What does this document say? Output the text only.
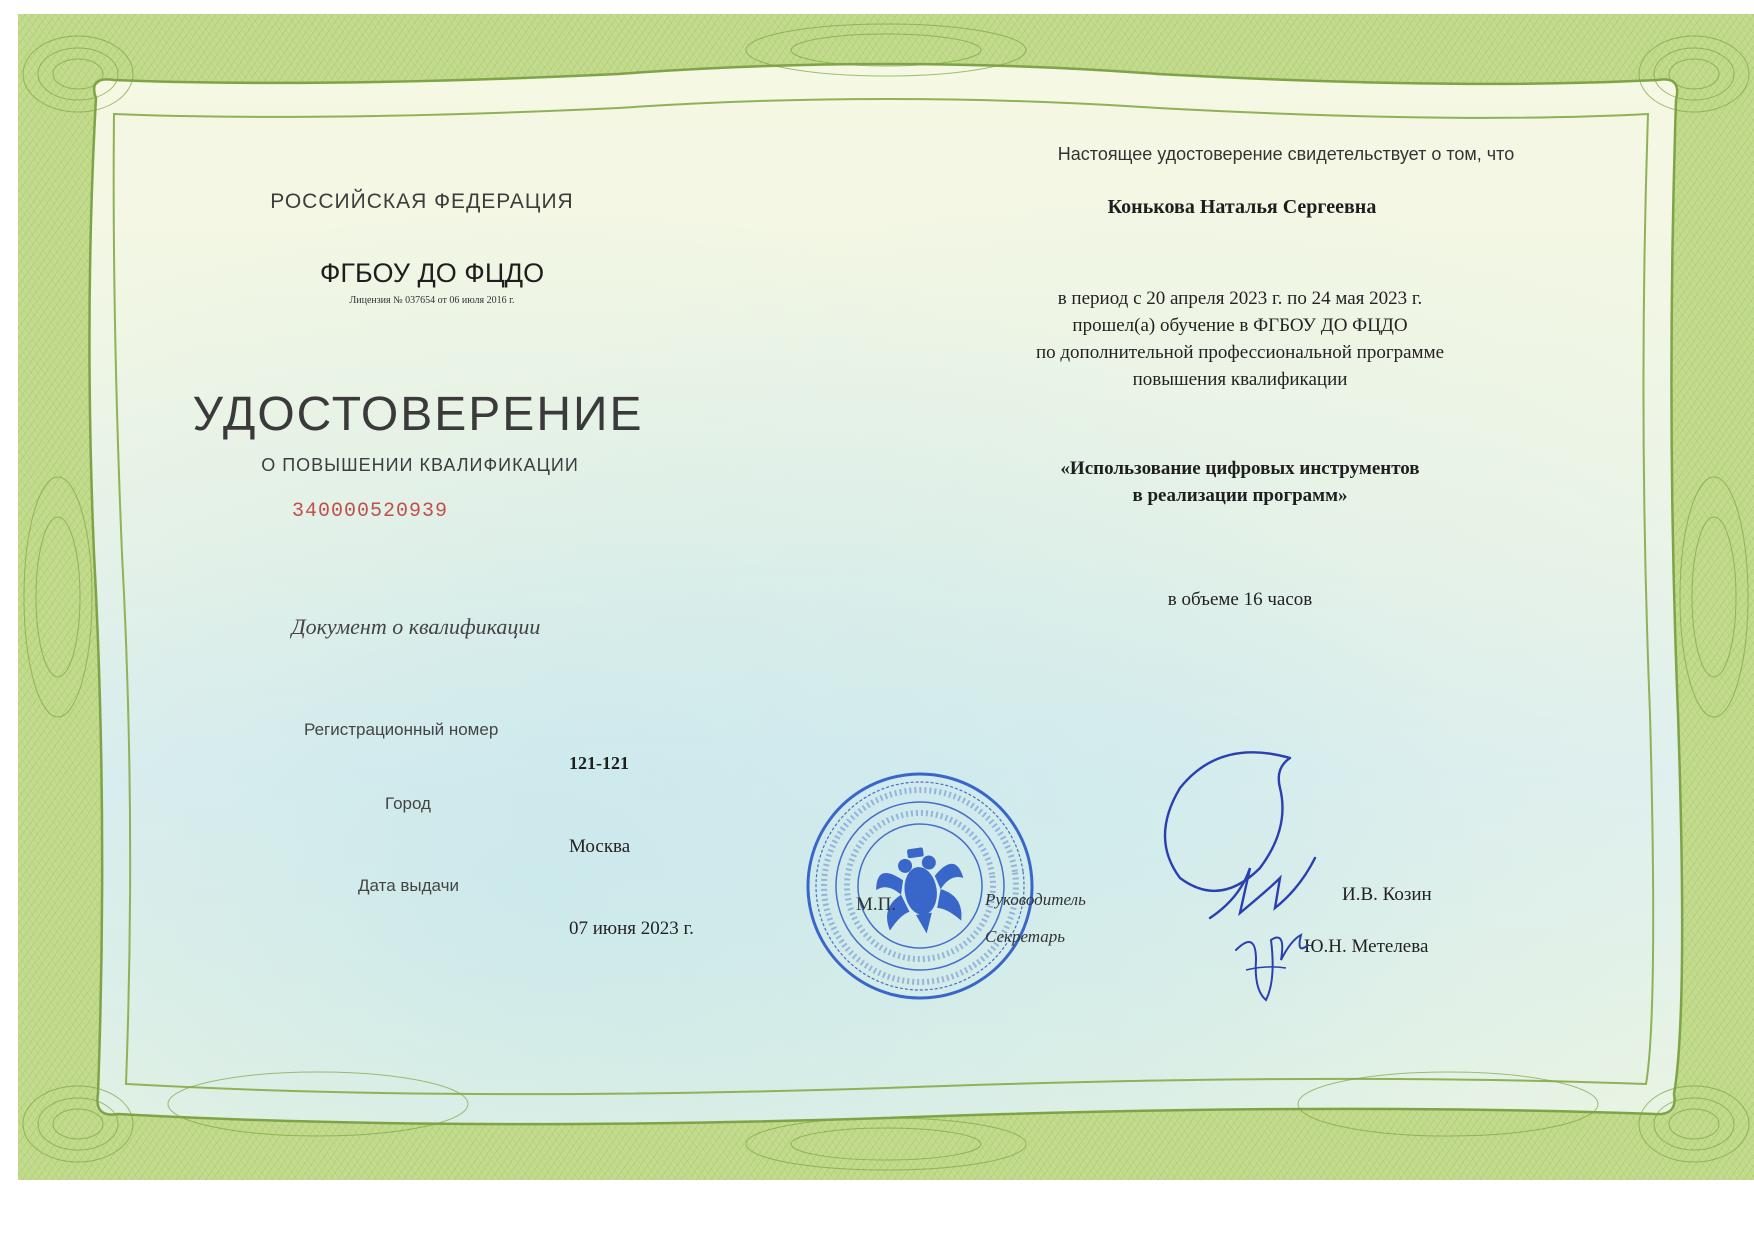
РОССИЙСКАЯ ФЕДЕРАЦИЯ
ФГБОУ ДО ФЦДО
Лицензия № 037654 от 06 июля 2016 г.
УДОСТОВЕРЕНИЕ
О ПОВЫШЕНИИ КВАЛИФИКАЦИИ
340000520939
Документ о квалификации
Регистрационный номер
121-121
Город
Москва
Дата выдачи
07 июня 2023 г.
Настоящее удостоверение свидетельствует о том, что
Конькова Наталья Сергеевна
в период с 20 апреля 2023 г. по 24 мая 2023 г.
прошел(а) обучение в ФГБОУ ДО ФЦДО
по дополнительной профессиональной программе
повышения квалификации
«Использование цифровых инструментов
в реализации программ»
в объеме 16 часов
М.П.	Руководитель	И.В. Козин
Секретарь	Ю.Н. Метелева
